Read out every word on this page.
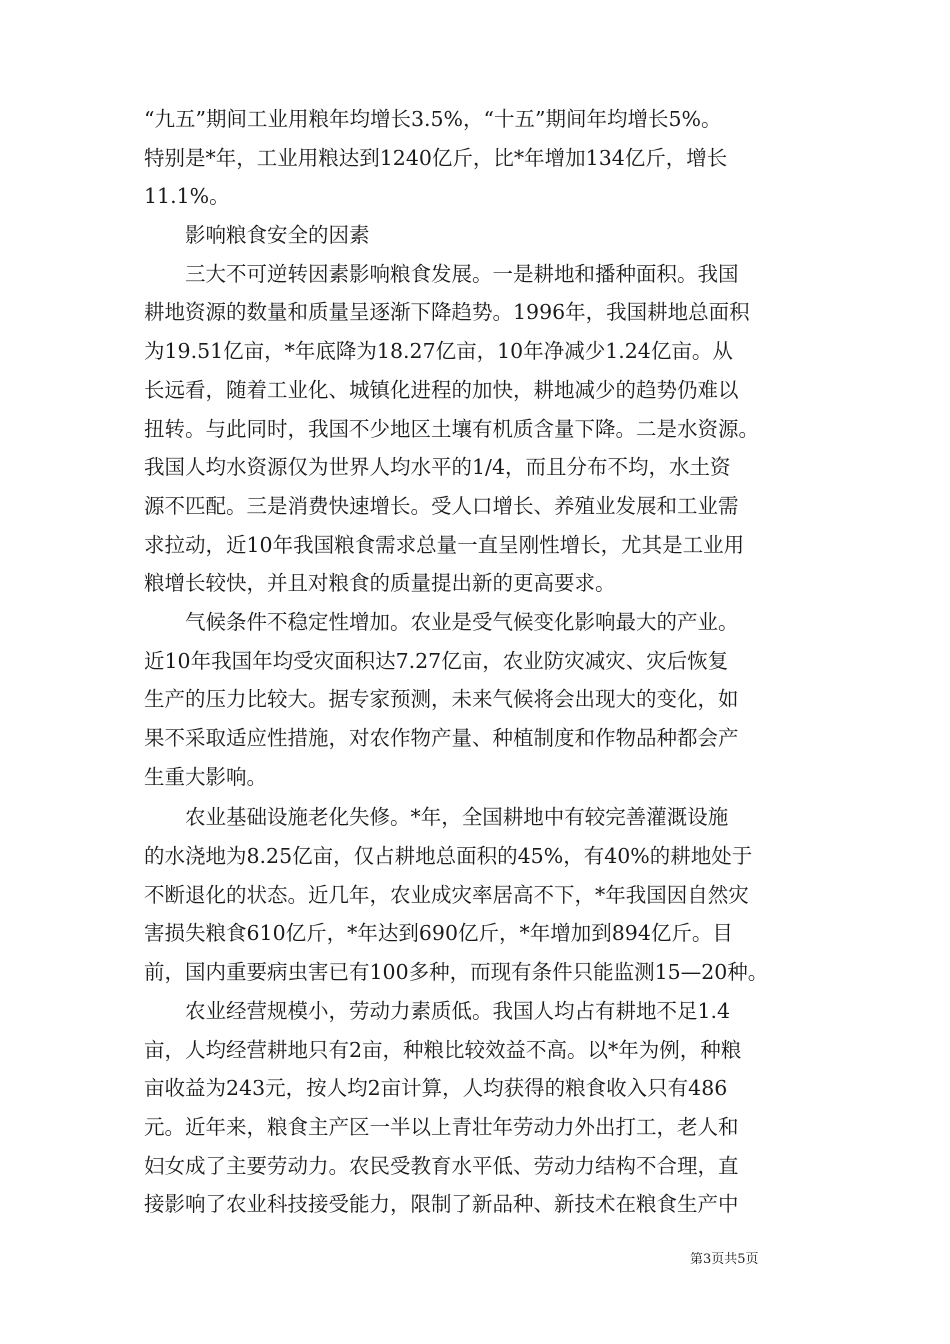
“九五”期间工业用粮年均增长3.5%，“十五”期间年均增长5%。
特别是*年，工业用粮达到1240亿斤，比*年增加134亿斤，增长
11.1%。
影响粮食安全的因素
三大不可逆转因素影响粮食发展。一是耕地和播种面积。我国
耕地资源的数量和质量呈逐渐下降趋势。1996年，我国耕地总面积
为19.51亿亩，*年底降为18.27亿亩，10年净减少1.24亿亩。从
长远看，随着工业化、城镇化进程的加快，耕地减少的趋势仍难以
扭转。与此同时，我国不少地区土壤有机质含量下降。二是水资源。
我国人均水资源仅为世界人均水平的1/4，而且分布不均，水土资
源不匹配。三是消费快速增长。受人口增长、养殖业发展和工业需
求拉动，近10年我国粮食需求总量一直呈刚性增长，尤其是工业用
粮增长较快，并且对粮食的质量提出新的更高要求。
气候条件不稳定性增加。农业是受气候变化影响最大的产业。
近10年我国年均受灾面积达7.27亿亩，农业防灾减灾、灾后恢复
生产的压力比较大。据专家预测，未来气候将会出现大的变化，如
果不采取适应性措施，对农作物产量、种植制度和作物品种都会产
生重大影响。
农业基础设施老化失修。*年，全国耕地中有较完善灌溉设施
的水浇地为8.25亿亩，仅占耕地总面积的45%，有40%的耕地处于
不断退化的状态。近几年，农业成灾率居高不下，*年我国因自然灾
害损失粮食610亿斤，*年达到690亿斤，*年增加到894亿斤。目
前，国内重要病虫害已有100多种，而现有条件只能监测15—20种。
农业经营规模小，劳动力素质低。我国人均占有耕地不足1.4
亩，人均经营耕地只有2亩，种粮比较效益不高。以*年为例，种粮
亩收益为243元，按人均2亩计算，人均获得的粮食收入只有486
元。近年来，粮食主产区一半以上青壮年劳动力外出打工，老人和
妇女成了主要劳动力。农民受教育水平低、劳动力结构不合理，直
接影响了农业科技接受能力，限制了新品种、新技术在粮食生产中
第3页共5页
